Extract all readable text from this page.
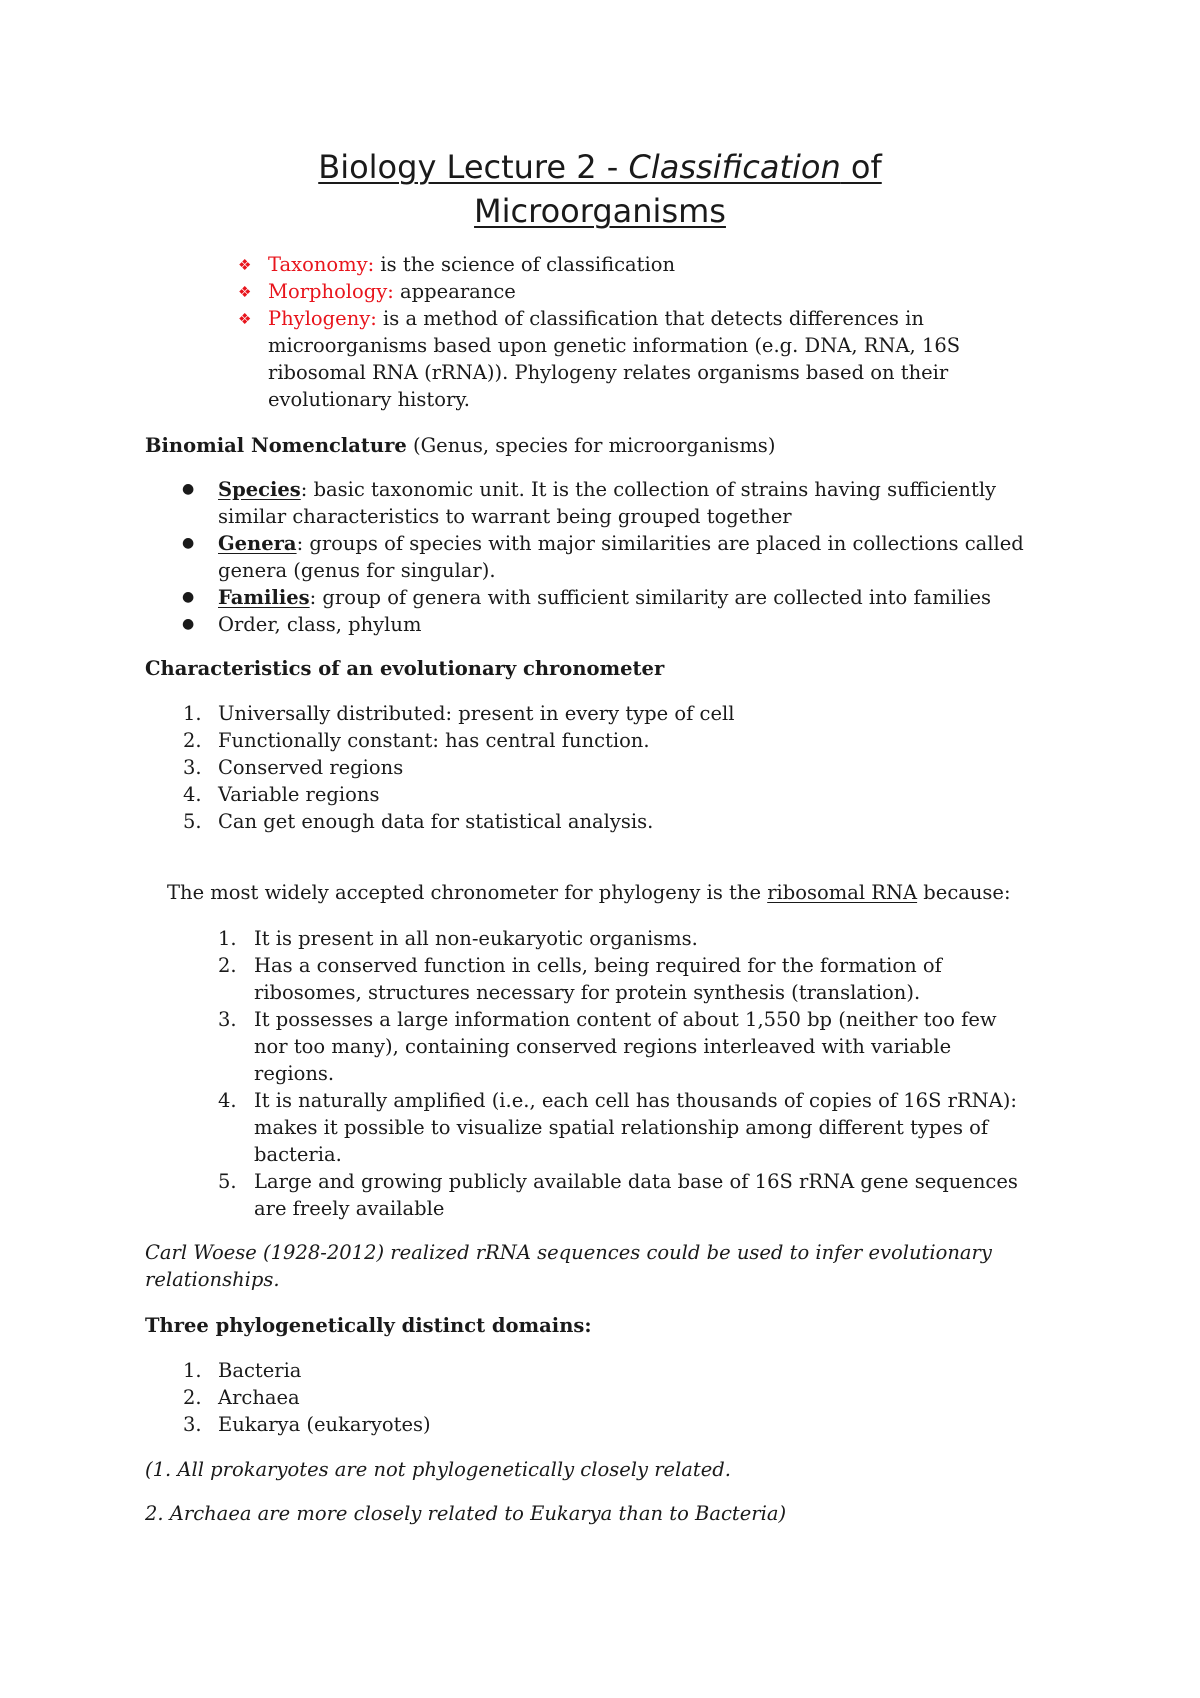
Biology Lecture 2 - Classification of
Microorganisms
❖ Taxonomy: is the science of classification
❖ Morphology: appearance
❖ Phylogeny: is a method of classification that detects differences in
microorganisms based upon genetic information (e.g. DNA, RNA, 16S
ribosomal RNA (rRNA)). Phylogeny relates organisms based on their
evolutionary history.
Binomial Nomenclature (Genus, species for microorganisms)
● Species: basic taxonomic unit. It is the collection of strains having sufficiently
similar characteristics to warrant being grouped together
● Genera: groups of species with major similarities are placed in collections called
genera (genus for singular).
● Families: group of genera with sufficient similarity are collected into families
● Order, class, phylum
Characteristics of an evolutionary chronometer
1. Universally distributed: present in every type of cell
2. Functionally constant: has central function.
3. Conserved regions
4. Variable regions
5. Can get enough data for statistical analysis.
The most widely accepted chronometer for phylogeny is the ribosomal RNA because:
1. It is present in all non-eukaryotic organisms.
2. Has a conserved function in cells, being required for the formation of
ribosomes, structures necessary for protein synthesis (translation).
3. It possesses a large information content of about 1,550 bp (neither too few
nor too many), containing conserved regions interleaved with variable
regions.
4. It is naturally amplified (i.e., each cell has thousands of copies of 16S rRNA):
makes it possible to visualize spatial relationship among different types of
bacteria.
5. Large and growing publicly available data base of 16S rRNA gene sequences
are freely available
Carl Woese (1928-2012) realized rRNA sequences could be used to infer evolutionary
relationships.
Three phylogenetically distinct domains:
1. Bacteria
2. Archaea
3. Eukarya (eukaryotes)
(1. All prokaryotes are not phylogenetically closely related.
2. Archaea are more closely related to Eukarya than to Bacteria)
